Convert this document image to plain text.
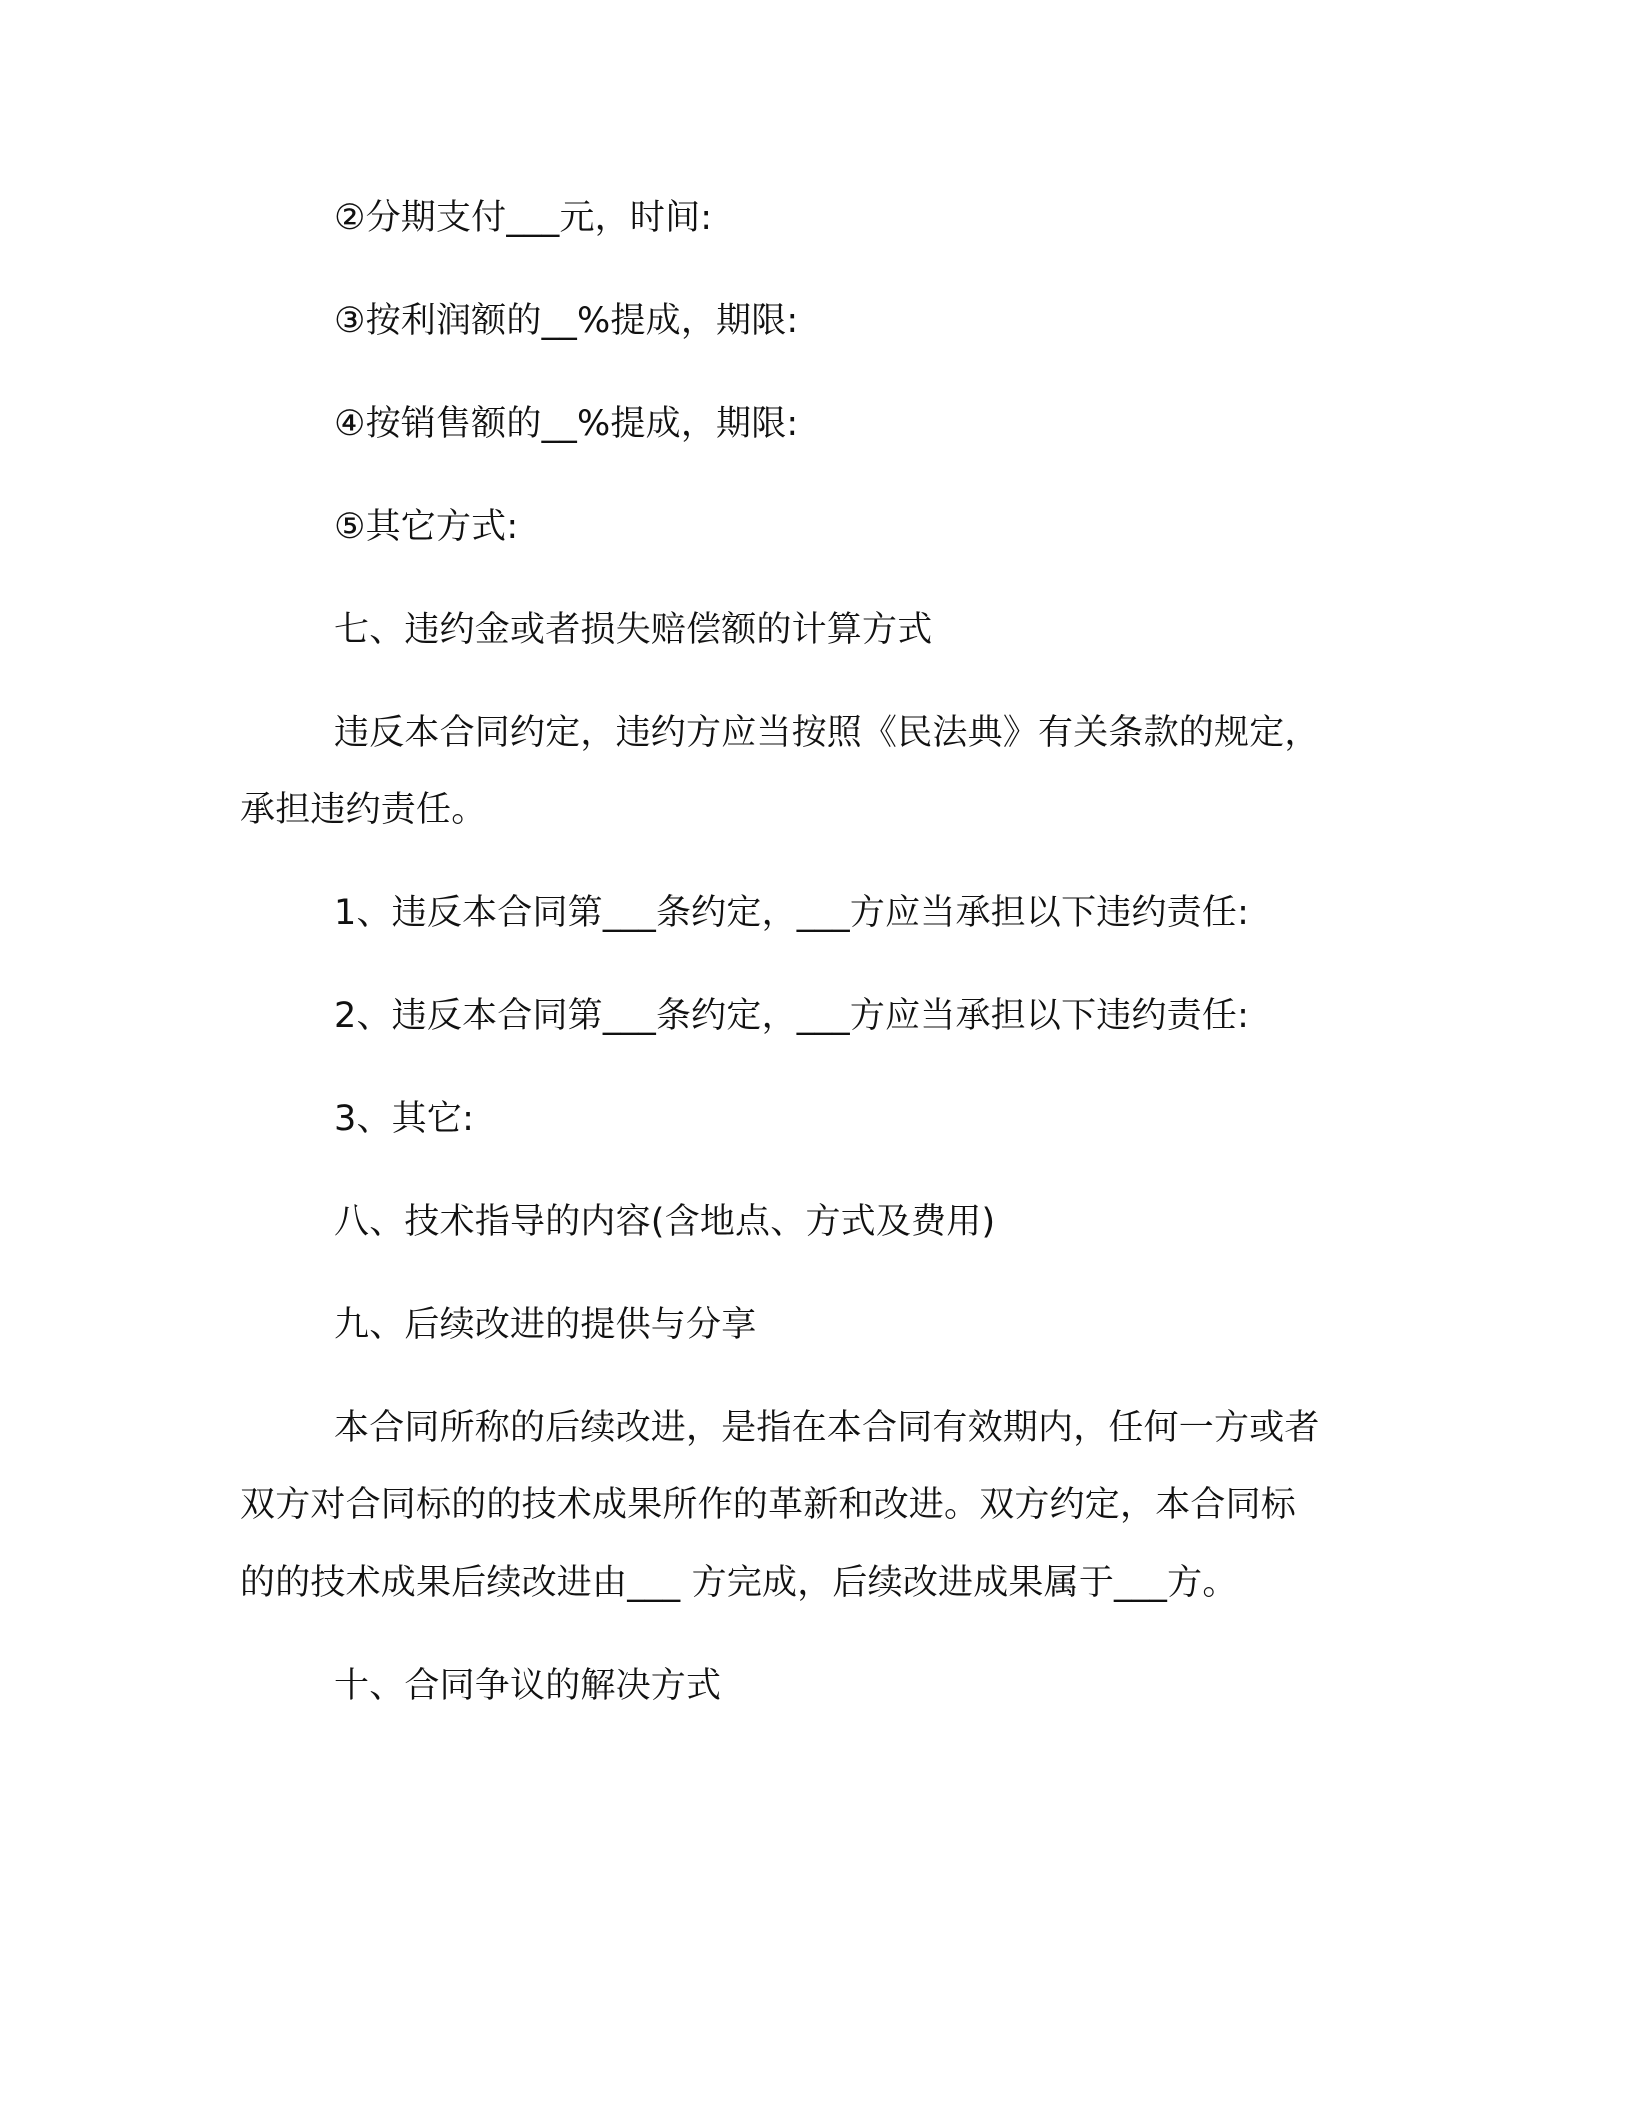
②分期支付___元，时间:
③按利润额的__%提成，期限:
④按销售额的__%提成，期限:
⑤其它方式:
七、违约金或者损失赔偿额的计算方式
违反本合同约定，违约方应当按照《民法典》有关条款的规定，
承担违约责任。
1、违反本合同第___条约定，___方应当承担以下违约责任:
2、违反本合同第___条约定，___方应当承担以下违约责任:
3、其它:
八、技术指导的内容(含地点、方式及费用)
九、后续改进的提供与分享
本合同所称的后续改进，是指在本合同有效期内，任何一方或者
双方对合同标的的技术成果所作的革新和改进。双方约定，本合同标
的的技术成果后续改进由___ 方完成，后续改进成果属于___方。
十、合同争议的解决方式
